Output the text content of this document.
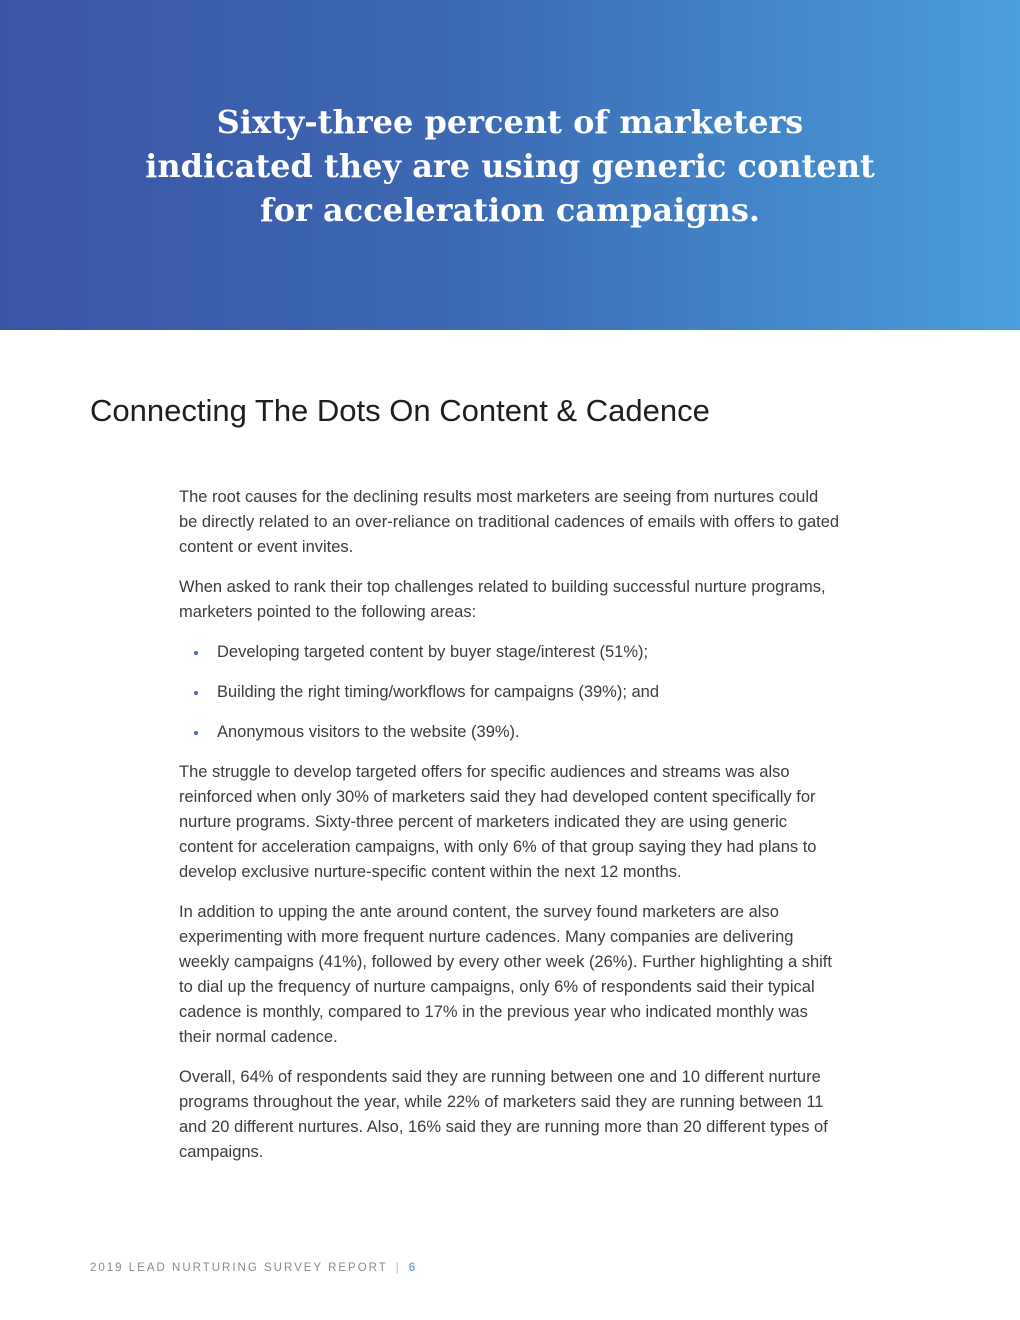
Sixty-three percent of marketers
indicated they are using generic content
for acceleration campaigns.
Connecting The Dots On Content & Cadence

The root causes for the declining results most marketers are seeing from nurtures could be directly related to an over-reliance on traditional cadences of emails with offers to gated content or event invites.

When asked to rank their top challenges related to building successful nurture programs, marketers pointed to the following areas:

Developing targeted content by buyer stage/interest (51%);
Building the right timing/workflows for campaigns (39%); and
Anonymous visitors to the website (39%).

The struggle to develop targeted offers for specific audiences and streams was also reinforced when only 30% of marketers said they had developed content specifically for nurture programs. Sixty-three percent of marketers indicated they are using generic content for acceleration campaigns, with only 6% of that group saying they had plans to develop exclusive nurture-specific content within the next 12 months.

In addition to upping the ante around content, the survey found marketers are also experimenting with more frequent nurture cadences. Many companies are delivering weekly campaigns (41%), followed by every other week (26%). Further highlighting a shift to dial up the frequency of nurture campaigns, only 6% of respondents said their typical cadence is monthly, compared to 17% in the previous year who indicated monthly was their normal cadence.

Overall, 64% of respondents said they are running between one and 10 different nurture programs throughout the year, while 22% of marketers said they are running between 11 and 20 different nurtures. Also, 16% said they are running more than 20 different types of campaigns.

2019 LEAD NURTURING SURVEY REPORT | 6
